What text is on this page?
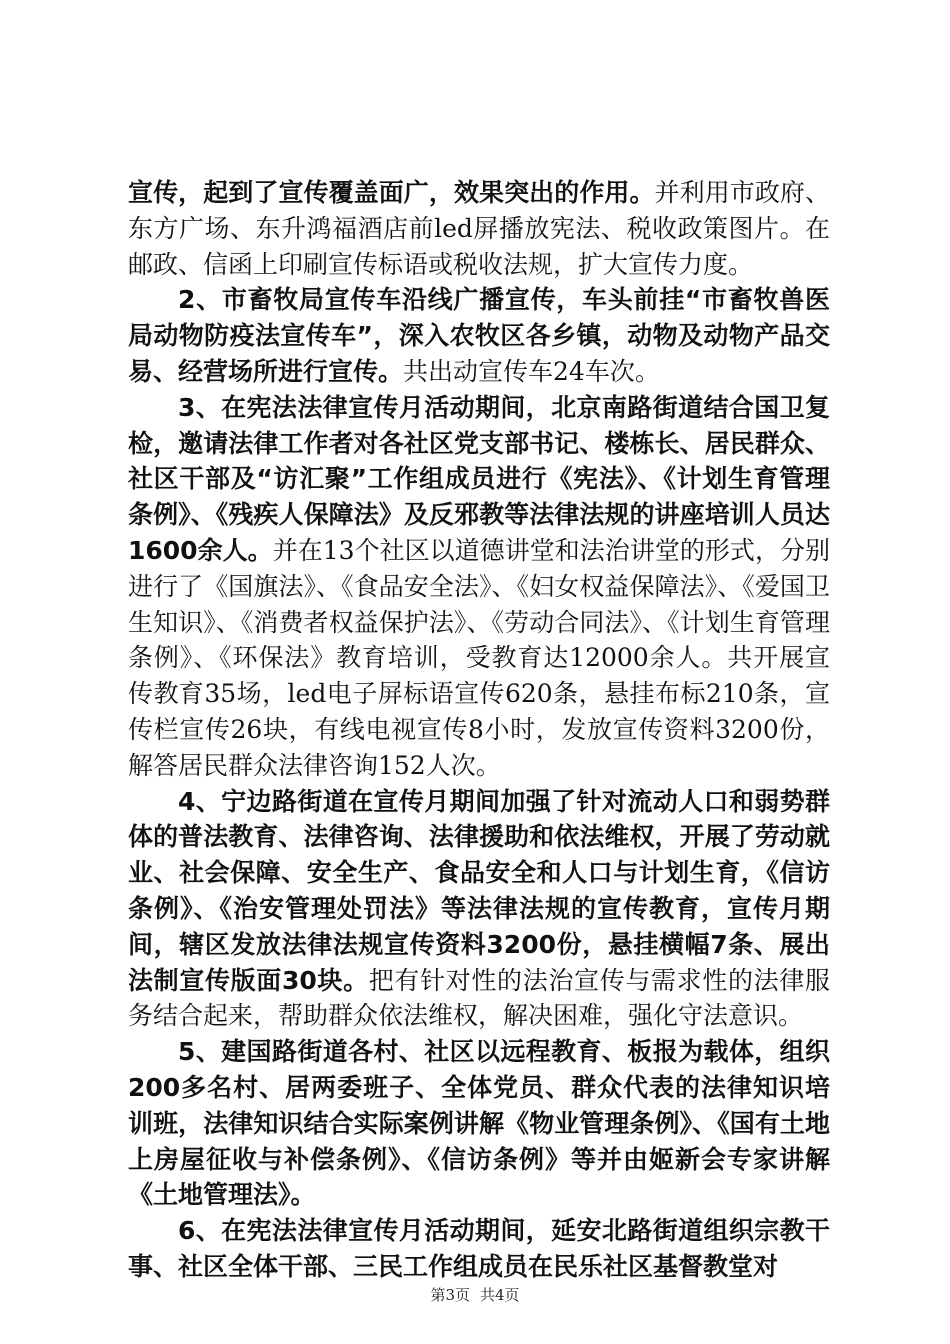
宣传，起到了宣传覆盖面广，效果突出的作用。并利用市政府、东方广场、东升鸿福酒店前led屏播放宪法、税收政策图片。在邮政、信函上印刷宣传标语或税收法规，扩大宣传力度。

2、市畜牧局宣传车沿线广播宣传，车头前挂“市畜牧兽医局动物防疫法宣传车”，深入农牧区各乡镇，动物及动物产品交易、经营场所进行宣传。共出动宣传车24车次。

3、在宪法法律宣传月活动期间，北京南路街道结合国卫复检，邀请法律工作者对各社区党支部书记、楼栋长、居民群众、社区干部及“访汇聚”工作组成员进行《宪法》、《计划生育管理条例》、《残疾人保障法》及反邪教等法律法规的讲座培训人员达1600余人。并在13个社区以道德讲堂和法治讲堂的形式，分别进行了《国旗法》、《食品安全法》、《妇女权益保障法》、《爱国卫生知识》、《消费者权益保护法》、《劳动合同法》、《计划生育管理条例》、《环保法》教育培训，受教育达12000余人。共开展宣传教育35场，led电子屏标语宣传620条，悬挂布标210条，宣传栏宣传26块，有线电视宣传8小时，发放宣传资料3200份，解答居民群众法律咨询152人次。

4、宁边路街道在宣传月期间加强了针对流动人口和弱势群体的普法教育、法律咨询、法律援助和依法维权，开展了劳动就业、社会保障、安全生产、食品安全和人口与计划生育，《信访条例》、《治安管理处罚法》等法律法规的宣传教育，宣传月期间，辖区发放法律法规宣传资料3200份，悬挂横幅7条、展出法制宣传版面30块。把有针对性的法治宣传与需求性的法律服务结合起来，帮助群众依法维权，解决困难，强化守法意识。

5、建国路街道各村、社区以远程教育、板报为载体，组织200多名村、居两委班子、全体党员、群众代表的法律知识培训班，法律知识结合实际案例讲解《物业管理条例》、《国有土地上房屋征收与补偿条例》、《信访条例》等并由姬新会专家讲解《土地管理法》。

6、在宪法法律宣传月活动期间，延安北路街道组织宗教干事、社区全体干部、三民工作组成员在民乐社区基督教堂对

第3页 共4页
